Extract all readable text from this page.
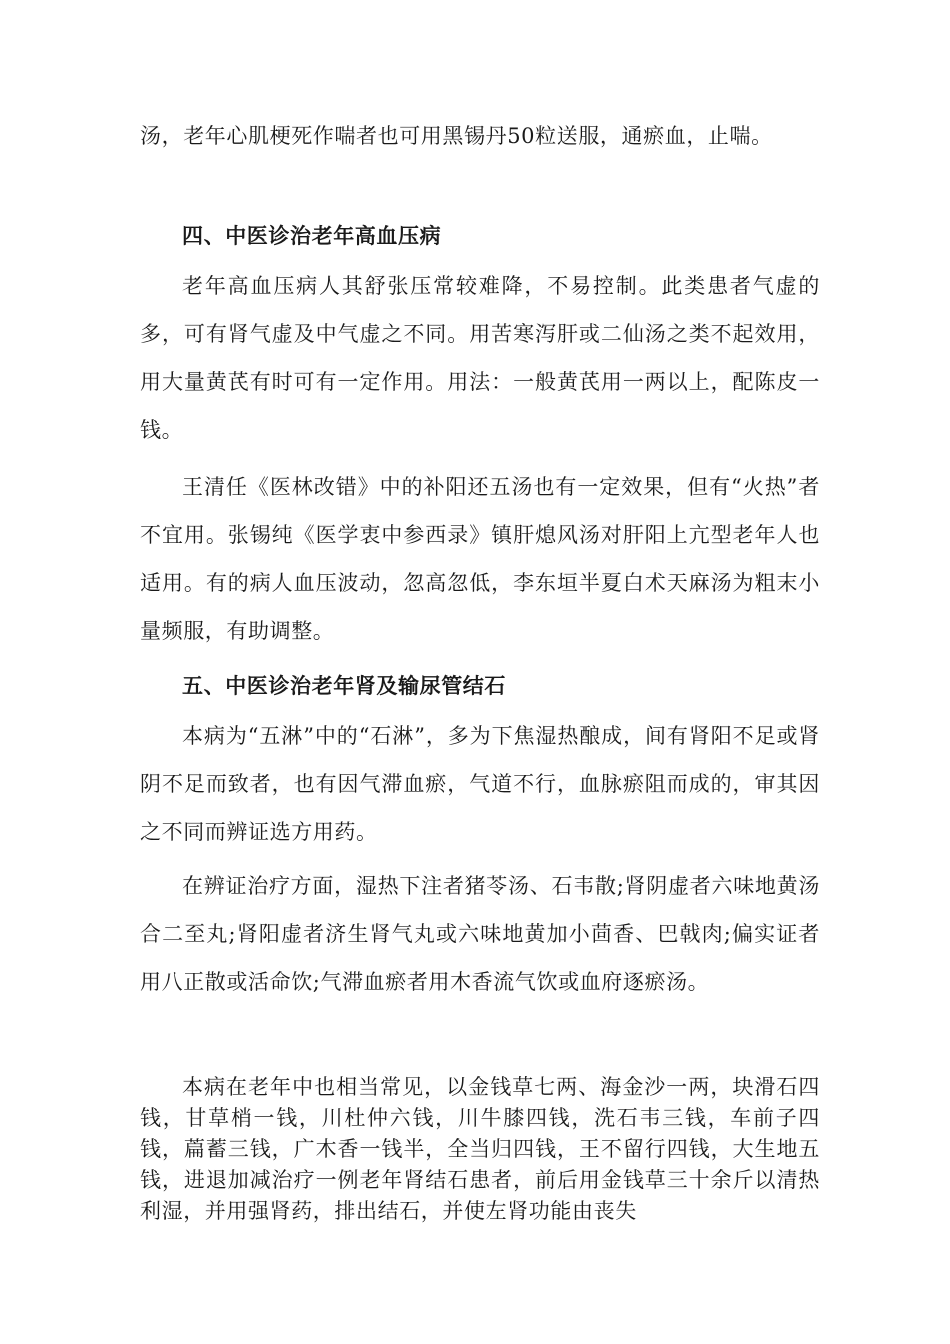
汤，老年心肌梗死作喘者也可用黑锡丹50粒送服，通瘀血，止喘。

四、中医诊治老年高血压病

老年高血压病人其舒张压常较难降，不易控制。此类患者气虚的多，可有肾气虚及中气虚之不同。用苦寒泻肝或二仙汤之类不起效用，用大量黄芪有时可有一定作用。用法：一般黄芪用一两以上，配陈皮一钱。

王清任《医林改错》中的补阳还五汤也有一定效果，但有“火热”者不宜用。张锡纯《医学衷中参西录》镇肝熄风汤对肝阳上亢型老年人也适用。有的病人血压波动，忽高忽低，李东垣半夏白术天麻汤为粗末小量频服，有助调整。

五、中医诊治老年肾及输尿管结石

本病为“五淋”中的“石淋”，多为下焦湿热酿成，间有肾阳不足或肾阴不足而致者，也有因气滞血瘀，气道不行，血脉瘀阻而成的，审其因之不同而辨证选方用药。

在辨证治疗方面，湿热下注者猪苓汤、石韦散;肾阴虚者六味地黄汤合二至丸;肾阳虚者济生肾气丸或六味地黄加小茴香、巴戟肉;偏实证者用八正散或活命饮;气滞血瘀者用木香流气饮或血府逐瘀汤。

本病在老年中也相当常见，以金钱草七两、海金沙一两，块滑石四钱，甘草梢一钱，川杜仲六钱，川牛膝四钱，洗石韦三钱，车前子四钱，萹蓄三钱，广木香一钱半，全当归四钱，王不留行四钱，大生地五钱，进退加减治疗一例老年肾结石患者，前后用金钱草三十余斤以清热利湿，并用强肾药，排出结石，并使左肾功能由丧失
